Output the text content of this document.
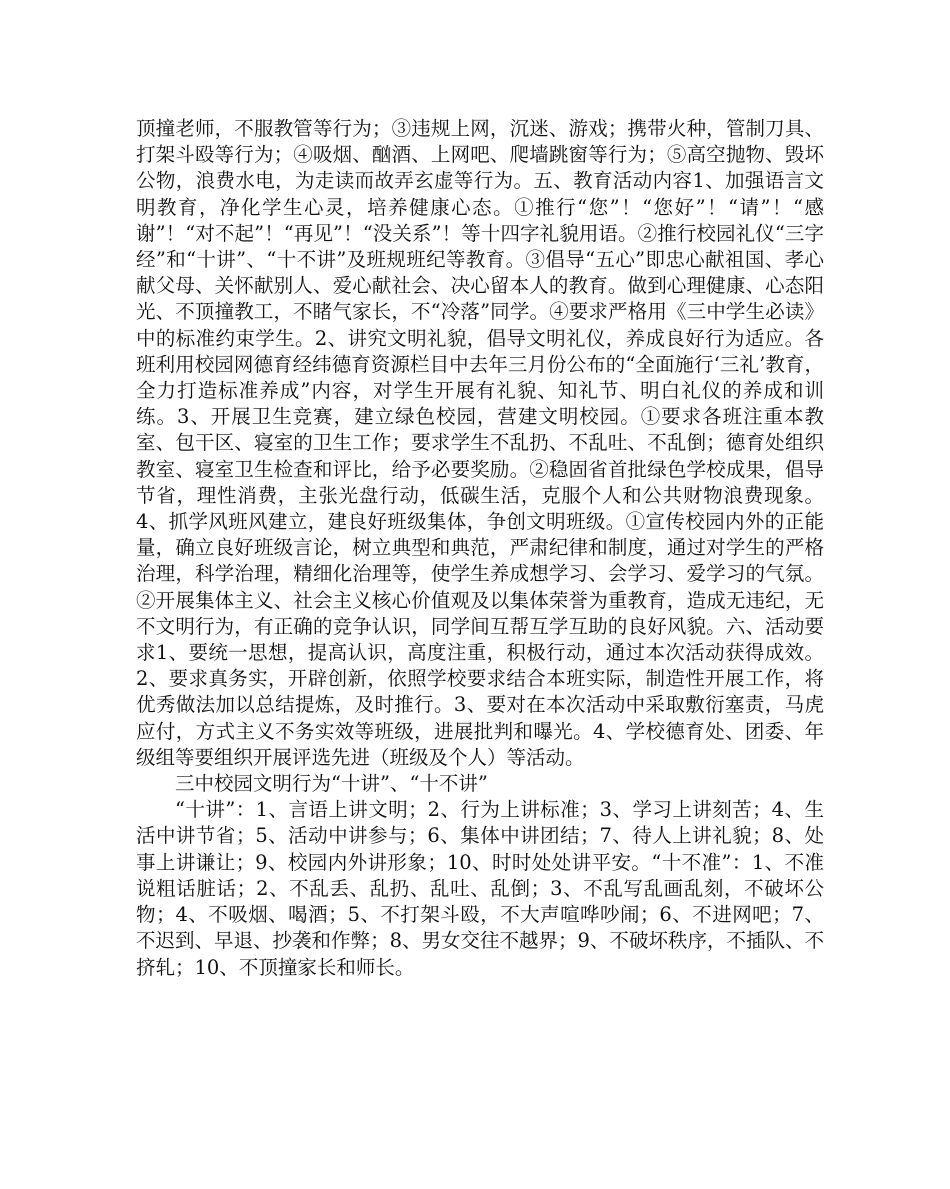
顶撞老师，不服教管等行为；③违规上网，沉迷、游戏；携带火种，管制刀具、打架斗殴等行为；④吸烟、酗酒、上网吧、爬墙跳窗等行为；⑤高空抛物、毁坏公物，浪费水电，为走读而故弄玄虚等行为。五、教育活动内容1、加强语言文明教育，净化学生心灵，培养健康心态。①推行“您”！“您好”！“请”！“感谢”！“对不起”！“再见”！“没关系”！等十四字礼貌用语。②推行校园礼仪“三字经”和“十讲”、“十不讲”及班规班纪等教育。③倡导“五心”即忠心献祖国、孝心献父母、关怀献别人、爱心献社会、决心留本人的教育。做到心理健康、心态阳光、不顶撞教工，不睹气家长，不“冷落”同学。④要求严格用《三中学生必读》中的标准约束学生。2、讲究文明礼貌，倡导文明礼仪，养成良好行为适应。各班利用校园网德育经纬德育资源栏目中去年三月份公布的“全面施行‘三礼’教育，全力打造标准养成”内容，对学生开展有礼貌、知礼节、明白礼仪的养成和训练。3、开展卫生竞赛，建立绿色校园，营建文明校园。①要求各班注重本教室、包干区、寝室的卫生工作；要求学生不乱扔、不乱吐、不乱倒；德育处组织教室、寝室卫生检查和评比，给予必要奖励。②稳固省首批绿色学校成果，倡导节省，理性消费，主张光盘行动，低碳生活，克服个人和公共财物浪费现象。4、抓学风班风建立，建良好班级集体，争创文明班级。①宣传校园内外的正能量，确立良好班级言论，树立典型和典范，严肃纪律和制度，通过对学生的严格治理，科学治理，精细化治理等，使学生养成想学习、会学习、爱学习的气氛。②开展集体主义、社会主义核心价值观及以集体荣誉为重教育，造成无违纪，无不文明行为，有正确的竞争认识，同学间互帮互学互助的良好风貌。六、活动要求1、要统一思想，提高认识，高度注重，积极行动，通过本次活动获得成效。2、要求真务实，开辟创新，依照学校要求结合本班实际，制造性开展工作，将优秀做法加以总结提炼，及时推行。3、要对在本次活动中采取敷衍塞责，马虎应付，方式主义不务实效等班级，进展批判和曝光。4、学校德育处、团委、年级组等要组织开展评选先进（班级及个人）等活动。

三中校园文明行为“十讲”、“十不讲”

“十讲”：1、言语上讲文明；2、行为上讲标准；3、学习上讲刻苦；4、生活中讲节省；5、活动中讲参与；6、集体中讲团结；7、待人上讲礼貌；8、处事上讲谦让；9、校园内外讲形象；10、时时处处讲平安。“十不准”：1、不准说粗话脏话；2、不乱丢、乱扔、乱吐、乱倒；3、不乱写乱画乱刻，不破坏公物；4、不吸烟、喝酒；5、不打架斗殴，不大声喧哗吵闹；6、不进网吧；7、不迟到、早退、抄袭和作弊；8、男女交往不越界；9、不破坏秩序，不插队、不挤轧；10、不顶撞家长和师长。
